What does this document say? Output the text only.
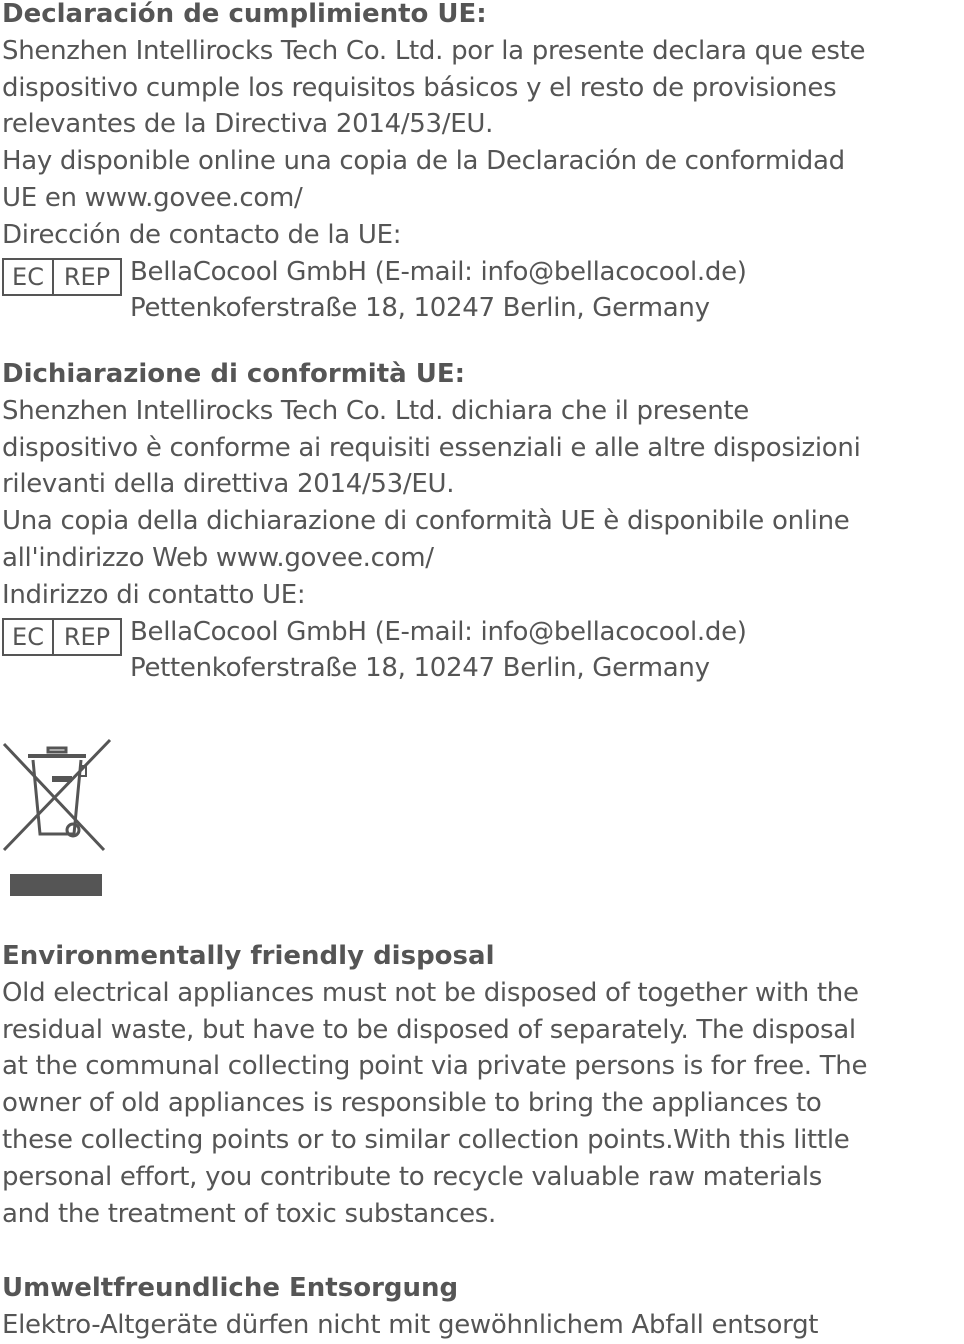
Declaración de cumplimiento UE:
Shenzhen Intellirocks Tech Co. Ltd. por la presente declara que este
dispositivo cumple los requisitos básicos y el resto de provisiones
relevantes de la Directiva 2014/53/EU.
Hay disponible online una copia de la Declaración de conformidad
UE en www.govee.com/
Dirección de contacto de la UE:
EC REP BellaCocool GmbH (E-mail: info@bellacocool.de)
Pettenkoferstraße 18, 10247 Berlin, Germany
Dichiarazione di conformità UE:
Shenzhen Intellirocks Tech Co. Ltd. dichiara che il presente
dispositivo è conforme ai requisiti essenziali e alle altre disposizioni
rilevanti della direttiva 2014/53/EU.
Una copia della dichiarazione di conformità UE è disponibile online
all'indirizzo Web www.govee.com/
Indirizzo di contatto UE:
EC REP BellaCocool GmbH (E-mail: info@bellacocool.de)
Pettenkoferstraße 18, 10247 Berlin, Germany
Environmentally friendly disposal
Old electrical appliances must not be disposed of together with the
residual waste, but have to be disposed of separately. The disposal
at the communal collecting point via private persons is for free. The
owner of old appliances is responsible to bring the appliances to
these collecting points or to similar collection points.With this little
personal effort, you contribute to recycle valuable raw materials
and the treatment of toxic substances.
Umweltfreundliche Entsorgung
Elektro-Altgeräte dürfen nicht mit gewöhnlichem Abfall entsorgt
